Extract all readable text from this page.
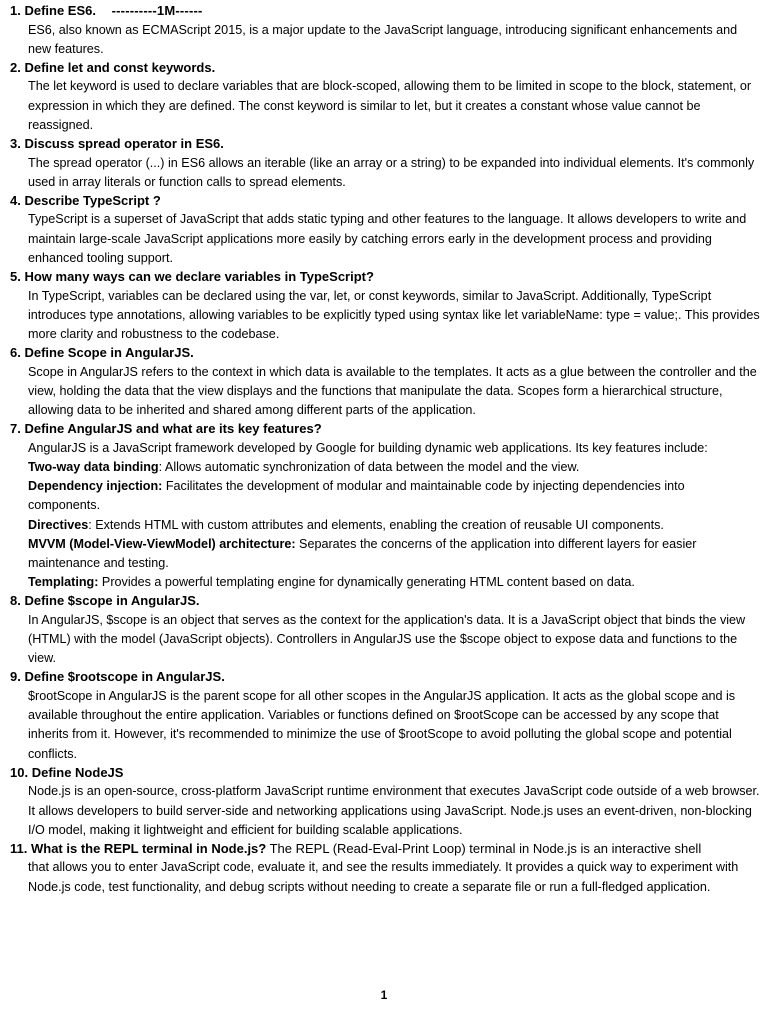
1. Define ES6. ----------1M------

ES6, also known as ECMAScript 2015, is a major update to the JavaScript language, introducing significant enhancements and new features.

2. Define let and const keywords.

The let keyword is used to declare variables that are block-scoped, allowing them to be limited in scope to the block, statement, or expression in which they are defined. The const keyword is similar to let, but it creates a constant whose value cannot be reassigned.

3. Discuss spread operator in ES6.

The spread operator (...) in ES6 allows an iterable (like an array or a string) to be expanded into individual elements. It's commonly used in array literals or function calls to spread elements.

4. Describe TypeScript ?

TypeScript is a superset of JavaScript that adds static typing and other features to the language. It allows developers to write and maintain large-scale JavaScript applications more easily by catching errors early in the development process and providing enhanced tooling support.

5. How many ways can we declare variables in TypeScript?

In TypeScript, variables can be declared using the var, let, or const keywords, similar to JavaScript. Additionally, TypeScript introduces type annotations, allowing variables to be explicitly typed using syntax like let variableName: type = value;. This provides more clarity and robustness to the codebase.

6. Define Scope in AngularJS.

Scope in AngularJS refers to the context in which data is available to the templates. It acts as a glue between the controller and the view, holding the data that the view displays and the functions that manipulate the data. Scopes form a hierarchical structure, allowing data to be inherited and shared among different parts of the application.

7. Define AngularJS and what are its key features?

AngularJS is a JavaScript framework developed by Google for building dynamic web applications. Its key features include:

Two-way data binding: Allows automatic synchronization of data between the model and the view.

Dependency injection: Facilitates the development of modular and maintainable code by injecting dependencies into components.

Directives: Extends HTML with custom attributes and elements, enabling the creation of reusable UI components.

MVVM (Model-View-ViewModel) architecture: Separates the concerns of the application into different layers for easier maintenance and testing.

Templating: Provides a powerful templating engine for dynamically generating HTML content based on data.

8. Define $scope in AngularJS.

In AngularJS, $scope is an object that serves as the context for the application's data. It is a JavaScript object that binds the view (HTML) with the model (JavaScript objects). Controllers in AngularJS use the $scope object to expose data and functions to the view.

9. Define $rootscope in AngularJS.

$rootScope in AngularJS is the parent scope for all other scopes in the AngularJS application. It acts as the global scope and is available throughout the entire application. Variables or functions defined on $rootScope can be accessed by any scope that inherits from it. However, it's recommended to minimize the use of $rootScope to avoid polluting the global scope and potential conflicts.

10. Define NodeJS

Node.js is an open-source, cross-platform JavaScript runtime environment that executes JavaScript code outside of a web browser. It allows developers to build server-side and networking applications using JavaScript. Node.js uses an event-driven, non-blocking I/O model, making it lightweight and efficient for building scalable applications.

11. What is the REPL terminal in Node.js? The REPL (Read-Eval-Print Loop) terminal in Node.js is an interactive shell

that allows you to enter JavaScript code, evaluate it, and see the results immediately. It provides a quick way to experiment with Node.js code, test functionality, and debug scripts without needing to create a separate file or run a full-fledged application.

1
